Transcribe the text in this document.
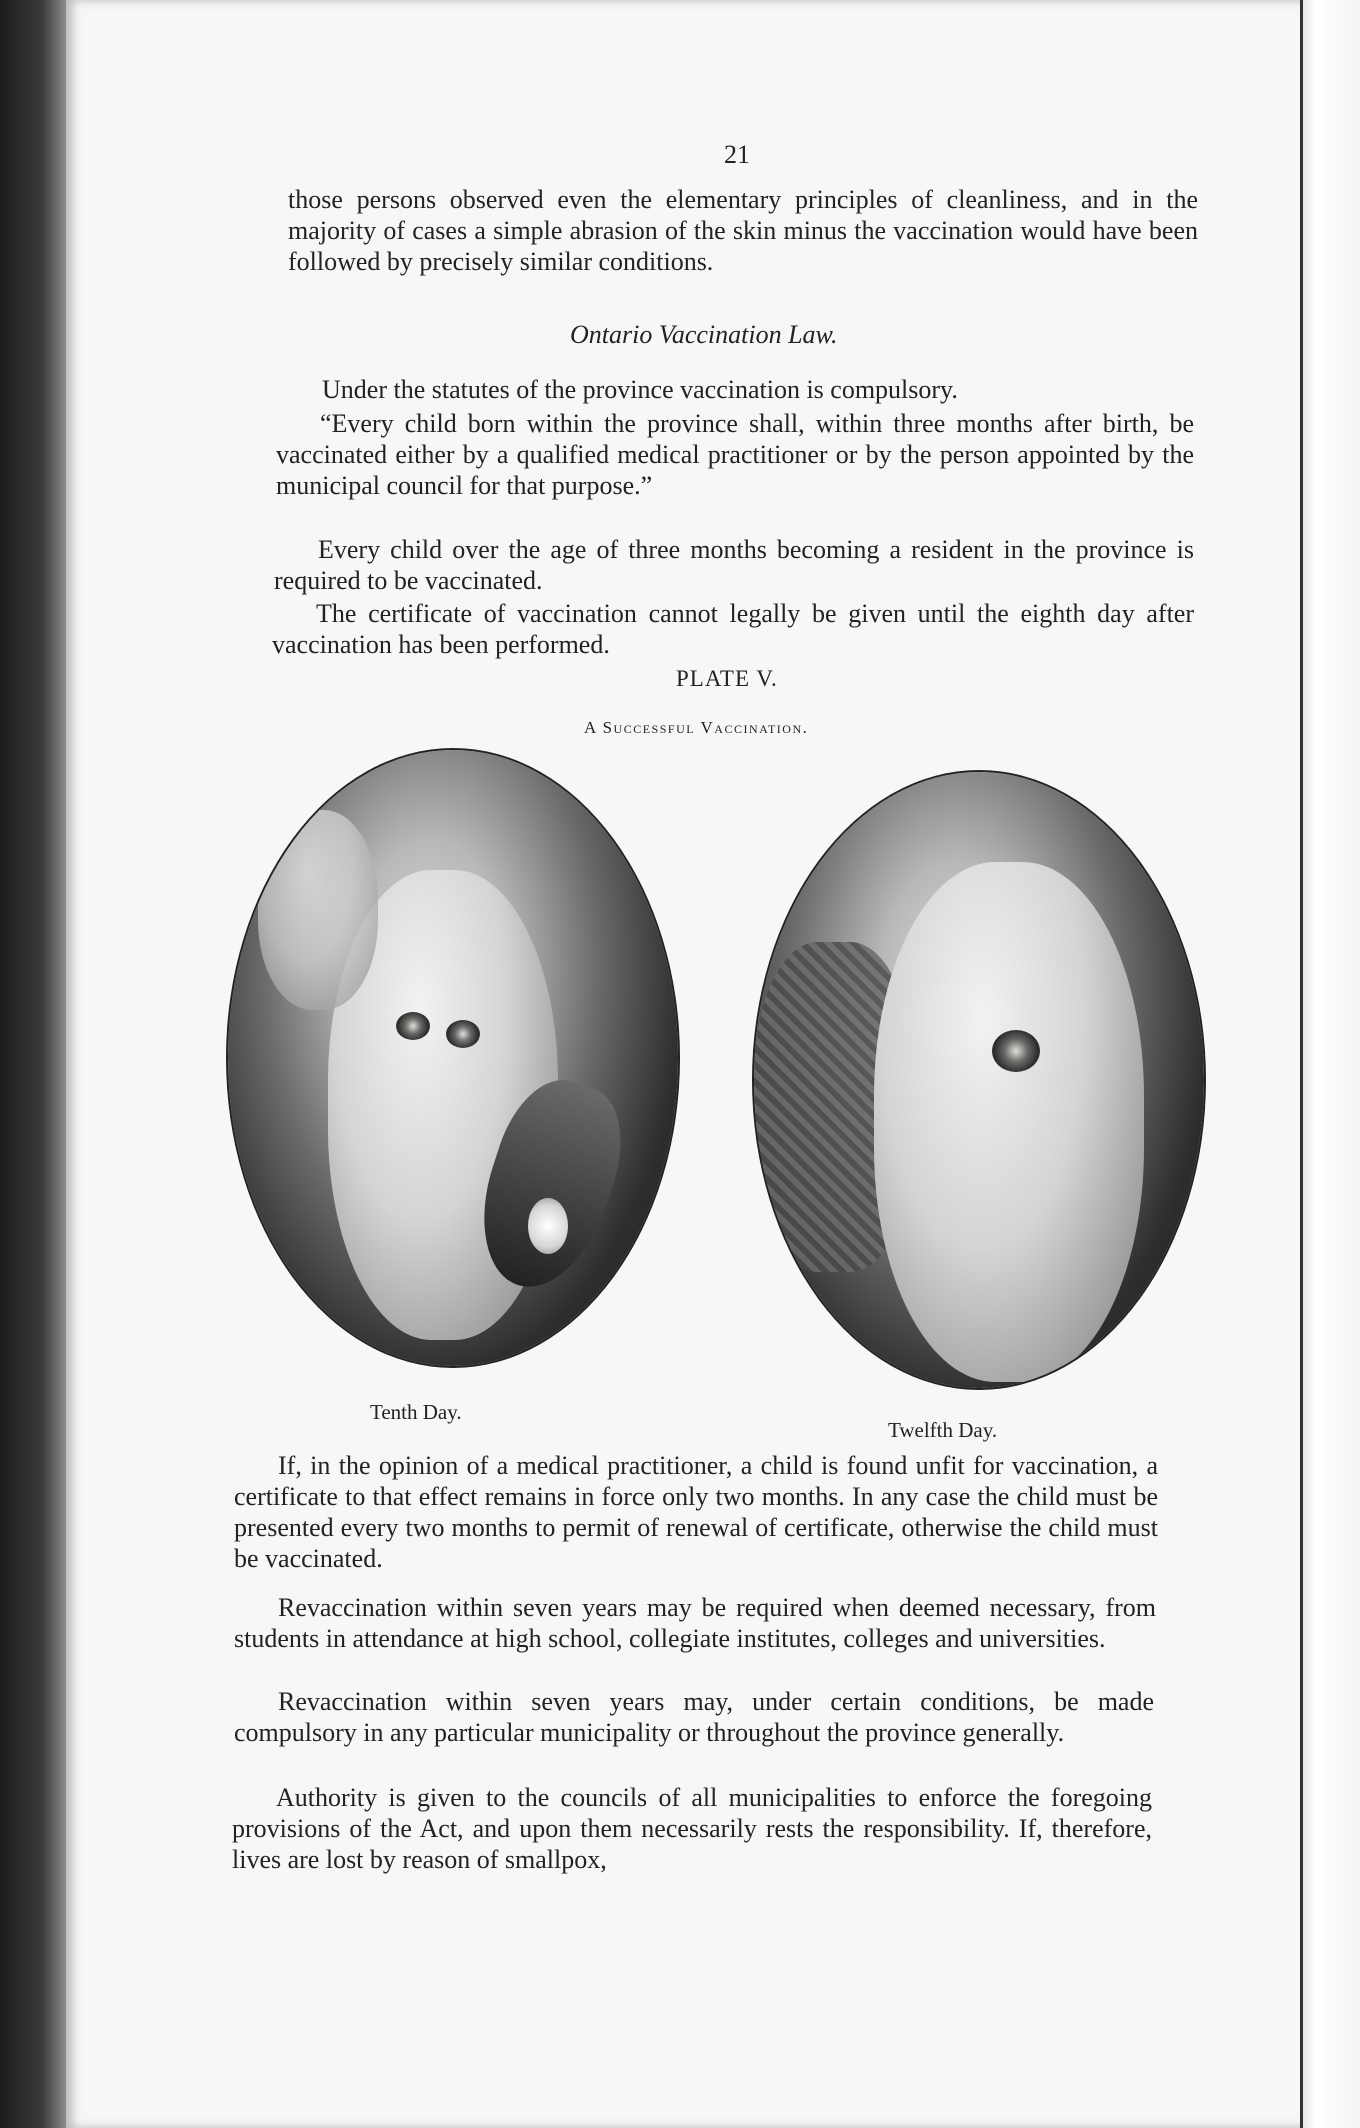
21

those persons observed even the elementary principles of cleanliness, and in the majority of cases a simple abrasion of the skin minus the vaccination would have been followed by precisely similar conditions.

Ontario Vaccination Law.

Under the statutes of the province vaccination is compulsory.

“Every child born within the province shall, within three months after birth, be vaccinated either by a qualified medical practitioner or by the person appointed by the municipal council for that purpose.”

Every child over the age of three months becoming a resident in the province is required to be vaccinated.

The certificate of vaccination cannot legally be given until the eighth day after vaccination has been performed.

PLATE V.
A Successful Vaccination.
Tenth Day.
Twelfth Day.

If, in the opinion of a medical practitioner, a child is found unfit for vaccination, a certificate to that effect remains in force only two months. In any case the child must be presented every two months to permit of renewal of certificate, otherwise the child must be vaccinated.

Revaccination within seven years may be required when deemed necessary, from students in attendance at high school, collegiate institutes, colleges and universities.

Revaccination within seven years may, under certain conditions, be made compulsory in any particular municipality or throughout the province generally.

Authority is given to the councils of all municipalities to enforce the foregoing provisions of the Act, and upon them necessarily rests the responsibility. If, therefore, lives are lost by reason of smallpox,
